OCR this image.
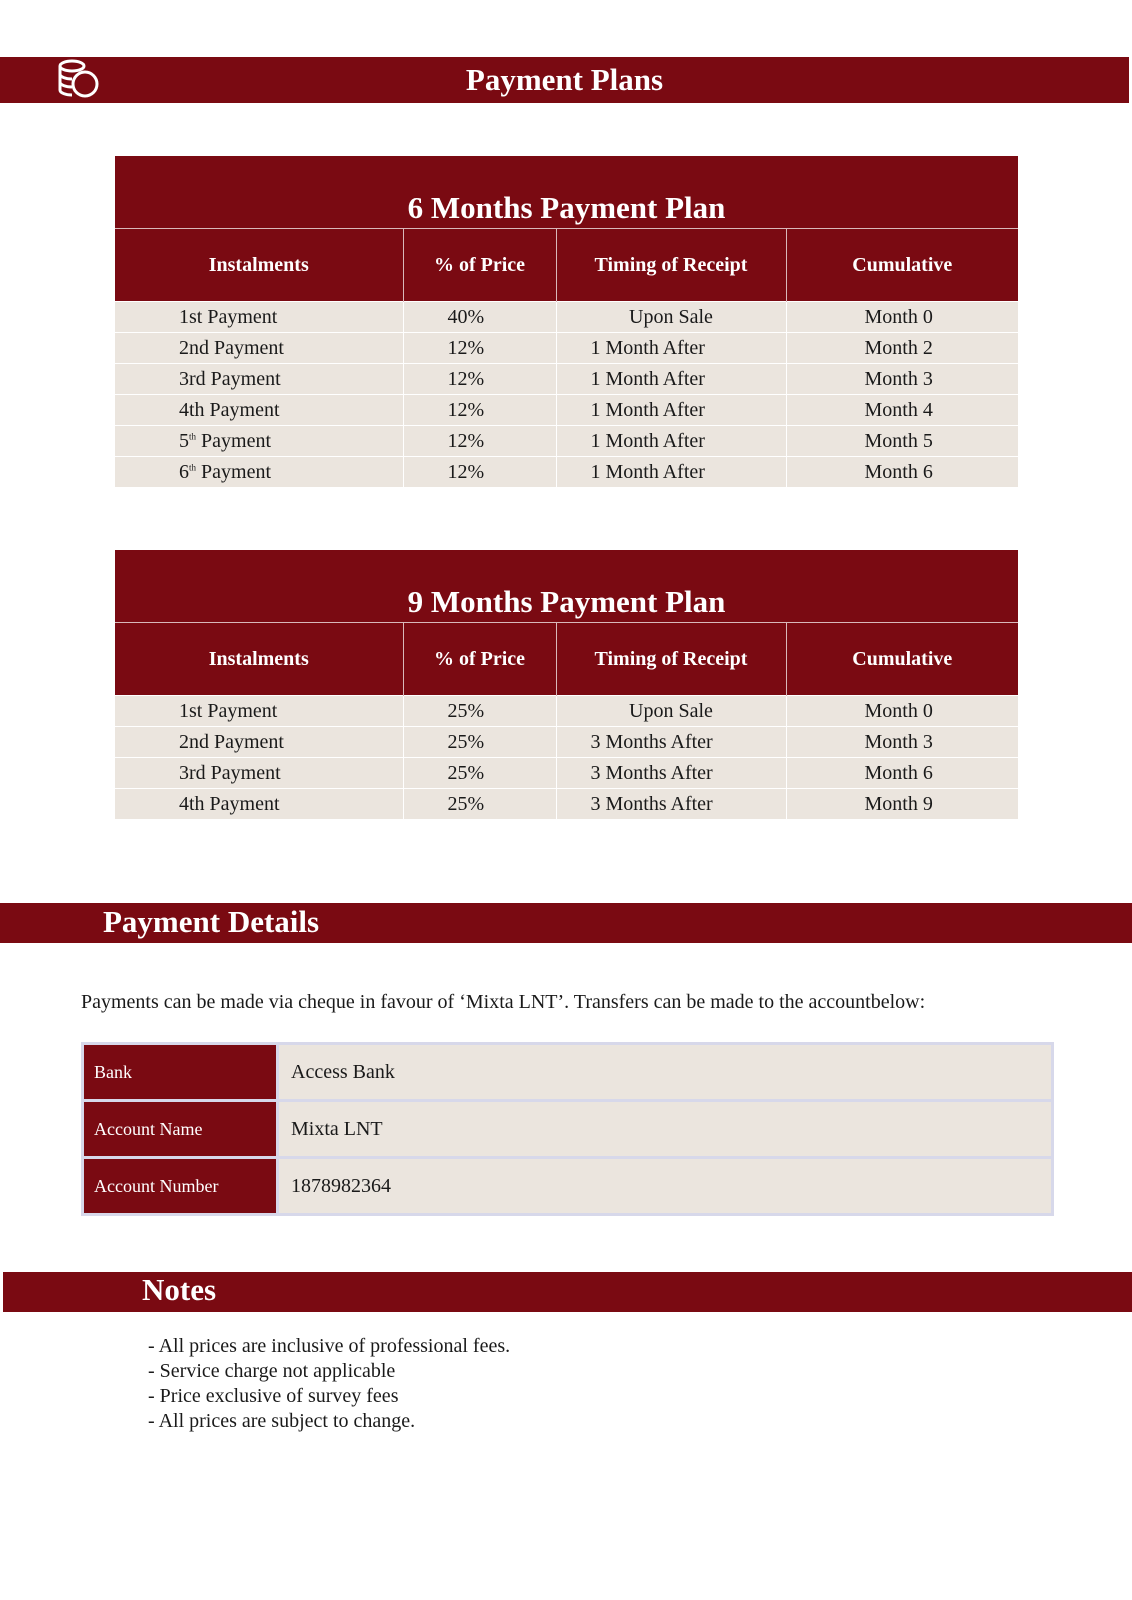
Payment Plans
6 Months Payment Plan
Instalments	% of Price	Timing of Receipt	Cumulative
1st Payment	40%	Upon Sale	Month 0
2nd Payment	12%	1 Month After	Month 2
3rd Payment	12%	1 Month After	Month 3
4th Payment	12%	1 Month After	Month 4
5th Payment	12%	1 Month After	Month 5
6th Payment	12%	1 Month After	Month 6
9 Months Payment Plan
Instalments	% of Price	Timing of Receipt	Cumulative
1st Payment	25%	Upon Sale	Month 0
2nd Payment	25%	3 Months After	Month 3
3rd Payment	25%	3 Months After	Month 6
4th Payment	25%	3 Months After	Month 9
Payment Details
Payments can be made via cheque in favour of ‘Mixta LNT’. Transfers can be made to the accountbelow:
Bank	Access Bank
Account Name	Mixta LNT
Account Number	1878982364
Notes
- All prices are inclusive of professional fees.
- Service charge not applicable
- Price exclusive of survey fees
- All prices are subject to change.
